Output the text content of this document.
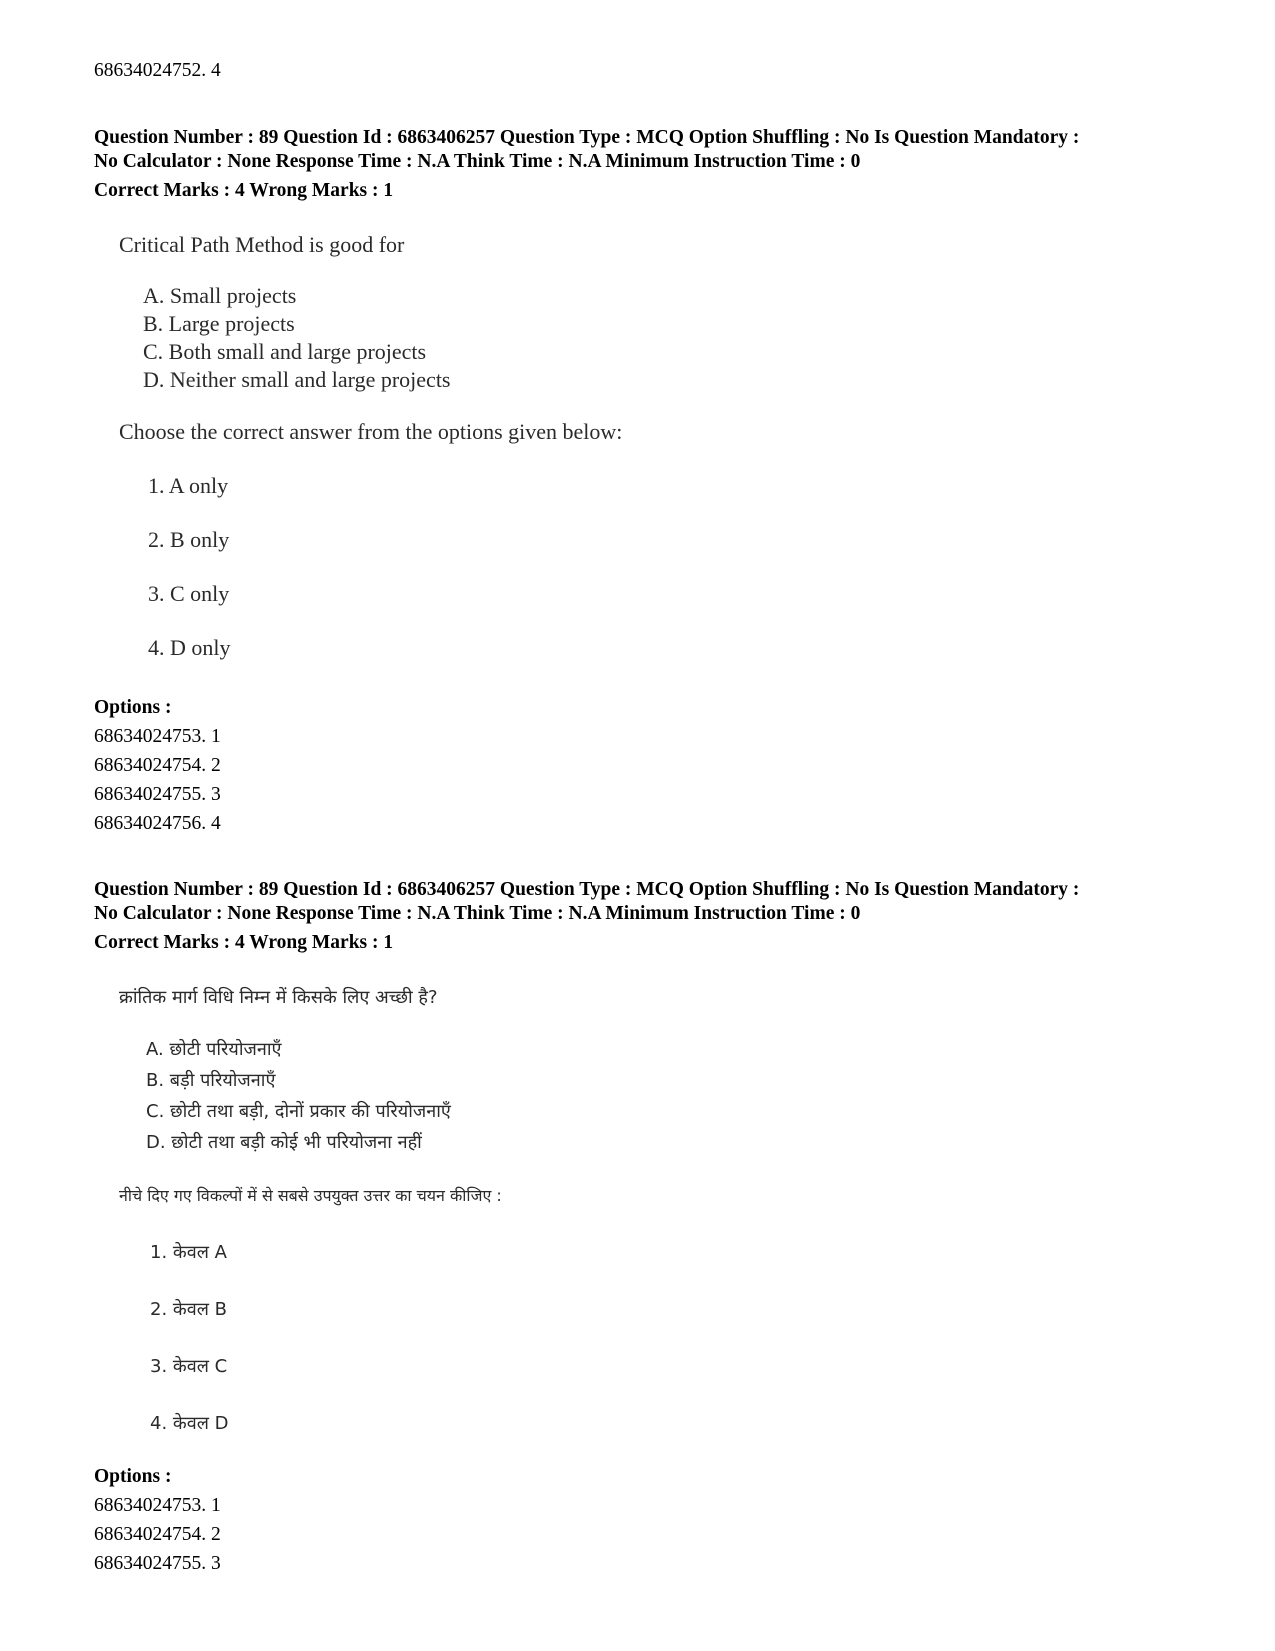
68634024752. 4
Question Number : 89 Question Id : 6863406257 Question Type : MCQ Option Shuffling : No Is Question Mandatory :
No Calculator : None Response Time : N.A Think Time : N.A Minimum Instruction Time : 0
Correct Marks : 4 Wrong Marks : 1
Critical Path Method is good for
A. Small projects
B. Large projects
C. Both small and large projects
D. Neither small and large projects
Choose the correct answer from the options given below:
1. A only
2. B only
3. C only
4. D only
Options :
68634024753. 1
68634024754. 2
68634024755. 3
68634024756. 4
Question Number : 89 Question Id : 6863406257 Question Type : MCQ Option Shuffling : No Is Question Mandatory :
No Calculator : None Response Time : N.A Think Time : N.A Minimum Instruction Time : 0
Correct Marks : 4 Wrong Marks : 1
क्रांतिक मार्ग विधि निम्न में किसके लिए अच्छी है?
A. छोटी परियोजनाएँ
B. बड़ी परियोजनाएँ
C. छोटी तथा बड़ी, दोनों प्रकार की परियोजनाएँ
D. छोटी तथा बड़ी कोई भी परियोजना नहीं
नीचे दिए गए विकल्पों में से सबसे उपयुक्त उत्तर का चयन कीजिए :
1. केवल A
2. केवल B
3. केवल C
4. केवल D
Options :
68634024753. 1
68634024754. 2
68634024755. 3
